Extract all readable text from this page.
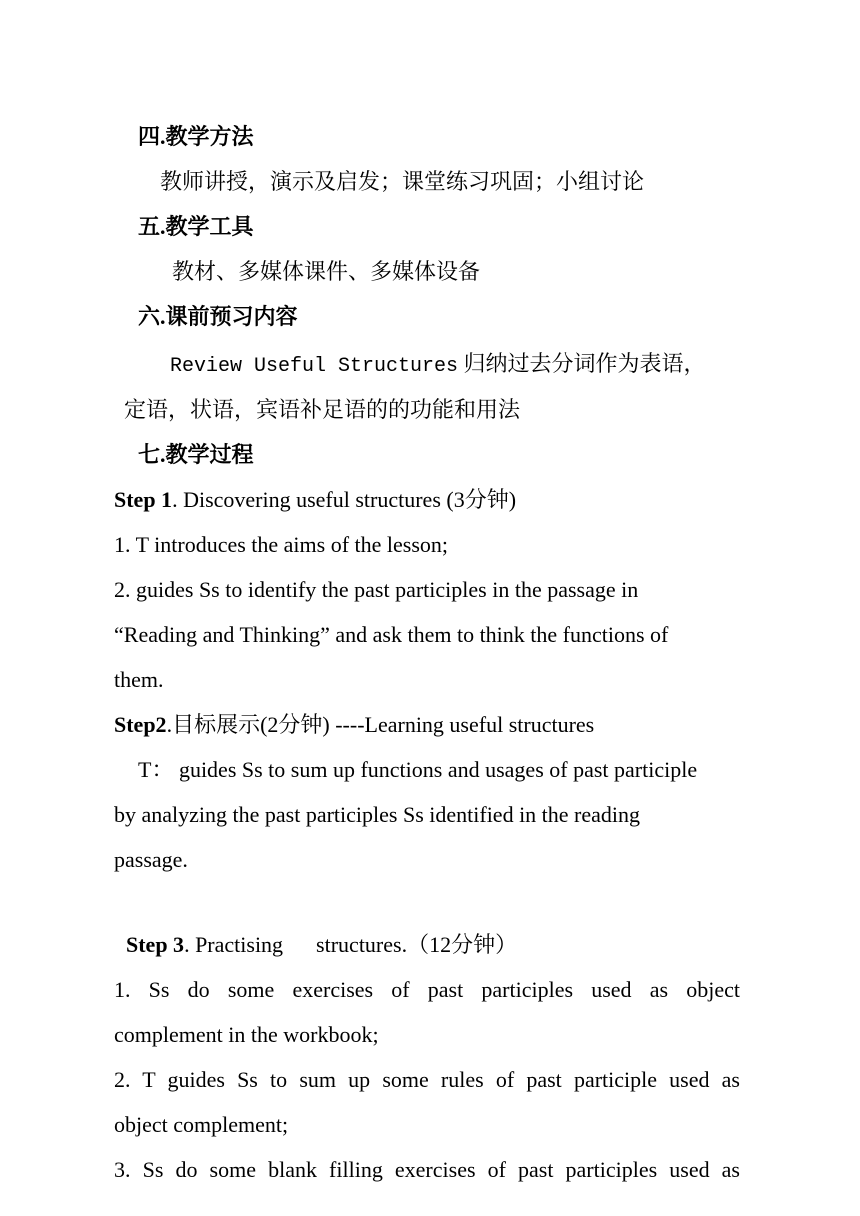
四.教学方法
教师讲授，演示及启发；课堂练习巩固；小组讨论
五.教学工具
教材、多媒体课件、多媒体设备
六.课前预习内容
Review Useful Structures 归纳过去分词作为表语，
定语，状语，宾语补足语的的功能和用法
七.教学过程
Step 1. Discovering useful structures (3分钟)
1. T introduces the aims of the lesson;
2. guides Ss to identify the past participles in the passage in
“Reading and Thinking” and ask them to think the functions of
them.
Step2.目标展示(2分钟) ----Learning useful structures
T： guides Ss to sum up functions and usages of past participle
by analyzing the past participles Ss identified in the reading
passage.
Step 3. Practising      structures.（12分钟）
1. Ss do some exercises of past participles used as object
complement in the workbook;
2. T guides Ss to sum up some rules of past participle used as
object complement;
3. Ss do some blank filling exercises of past participles used as
